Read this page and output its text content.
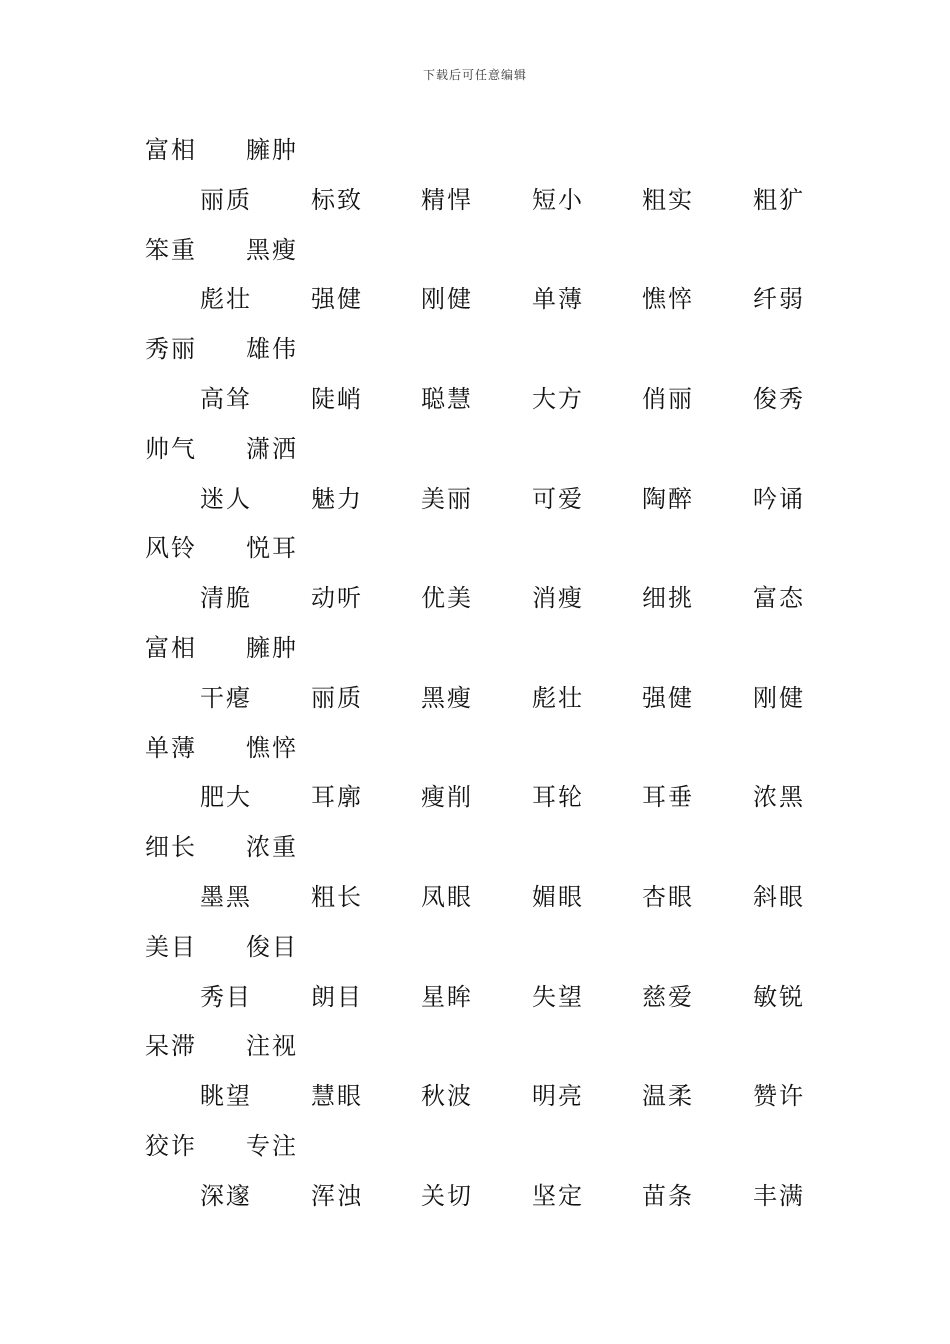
下载后可任意编辑
富相 臃肿
丽质 标致 精悍 短小 粗实 粗犷
笨重 黑瘦
彪壮 强健 刚健 单薄 憔悴 纤弱
秀丽 雄伟
高耸 陡峭 聪慧 大方 俏丽 俊秀
帅气 潇洒
迷人 魅力 美丽 可爱 陶醉 吟诵
风铃 悦耳
清脆 动听 优美 消瘦 细挑 富态
富相 臃肿
干瘪 丽质 黑瘦 彪壮 强健 刚健
单薄 憔悴
肥大 耳廓 瘦削 耳轮 耳垂 浓黑
细长 浓重
墨黑 粗长 凤眼 媚眼 杏眼 斜眼
美目 俊目
秀目 朗目 星眸 失望 慈爱 敏锐
呆滞 注视
眺望 慧眼 秋波 明亮 温柔 赞许
狡诈 专注
深邃 浑浊 关切 坚定 苗条 丰满
